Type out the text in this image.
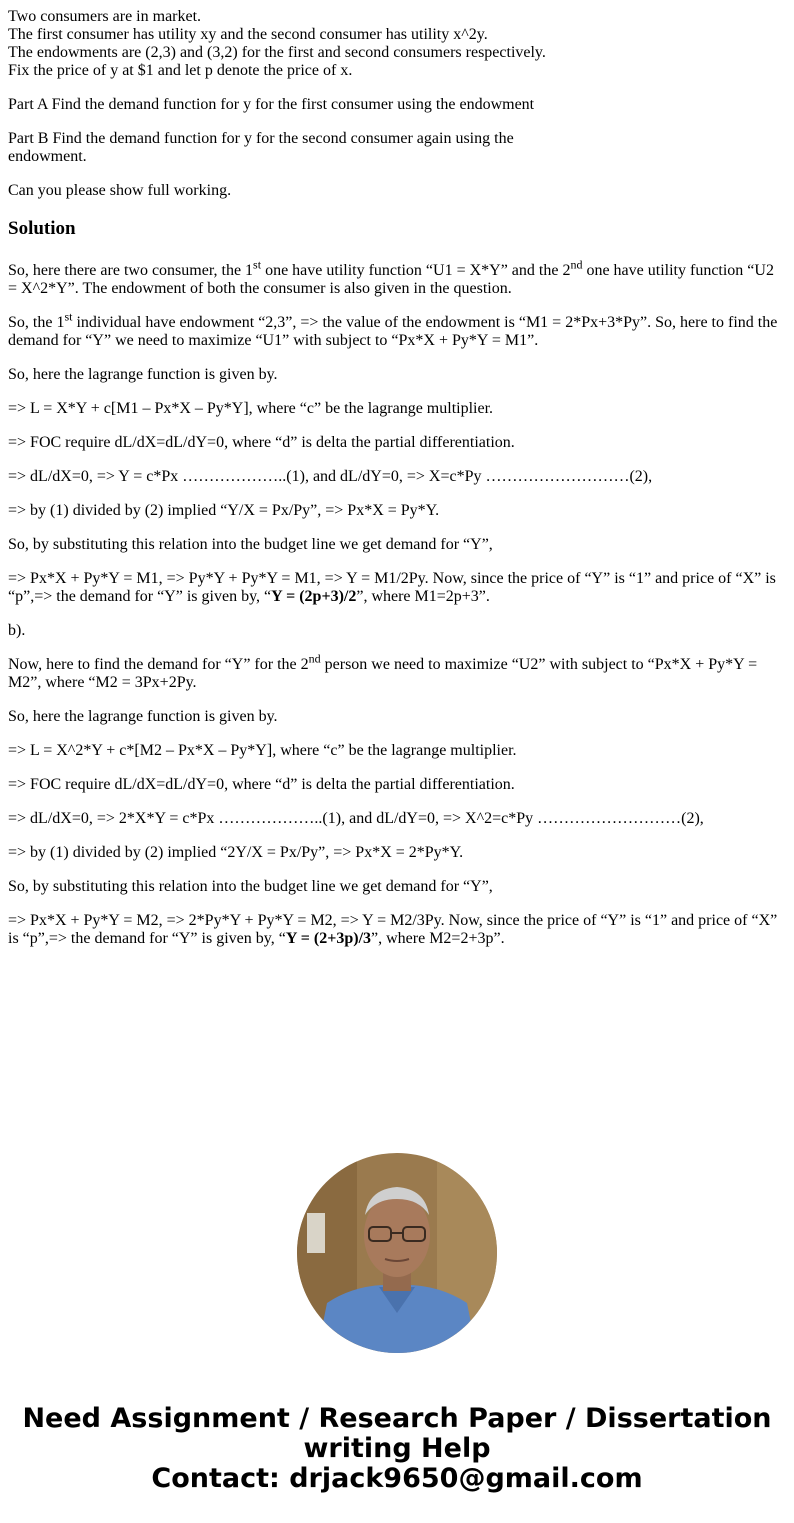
Two consumers are in market.
The first consumer has utility xy and the second consumer has utility x^2y.
The endowments are (2,3) and (3,2) for the first and second consumers respectively.
Fix the price of y at $1 and let p denote the price of x.

Part A Find the demand function for y for the first consumer using the endowment

Part B Find the demand function for y for the second consumer again using the
endowment.

Can you please show full working.

Solution

So, here there are two consumer, the 1st one have utility function “U1 = X*Y” and the 2nd one have utility function “U2 = X^2*Y”. The endowment of both the consumer is also given in the question.

So, the 1st individual have endowment “2,3”, => the value of the endowment is “M1 = 2*Px+3*Py”. So, here to find the demand for “Y” we need to maximize “U1” with subject to “Px*X + Py*Y = M1”.

So, here the lagrange function is given by.

=> L = X*Y + c[M1 – Px*X – Py*Y], where “c” be the lagrange multiplier.

=> FOC require dL/dX=dL/dY=0, where “d” is delta the partial differentiation.

=> dL/dX=0, => Y = c*Px ………………..(1), and dL/dY=0, => X=c*Py ………………………(2),

=> by (1) divided by (2) implied “Y/X = Px/Py”, => Px*X = Py*Y.

So, by substituting this relation into the budget line we get demand for “Y”,

=> Px*X + Py*Y = M1, => Py*Y + Py*Y = M1, => Y = M1/2Py. Now, since the price of “Y” is “1” and price of “X” is “p”,=> the demand for “Y” is given by, “Y = (2p+3)/2”, where M1=2p+3”.

b).

Now, here to find the demand for “Y” for the 2nd person we need to maximize “U2” with subject to “Px*X + Py*Y = M2”, where “M2 = 3Px+2Py.

So, here the lagrange function is given by.

=> L = X^2*Y + c*[M2 – Px*X – Py*Y], where “c” be the lagrange multiplier.

=> FOC require dL/dX=dL/dY=0, where “d” is delta the partial differentiation.

=> dL/dX=0, => 2*X*Y = c*Px ………………..(1), and dL/dY=0, => X^2=c*Py ………………………(2),

=> by (1) divided by (2) implied “2Y/X = Px/Py”, => Px*X = 2*Py*Y.

So, by substituting this relation into the budget line we get demand for “Y”,

=> Px*X + Py*Y = M2, => 2*Py*Y + Py*Y = M2, => Y = M2/3Py. Now, since the price of “Y” is “1” and price of “X” is “p”,=> the demand for “Y” is given by, “Y = (2+3p)/3”, where M2=2+3p”.

Need Assignment / Research Paper / Dissertation
writing Help
Contact: drjack9650@gmail.com
